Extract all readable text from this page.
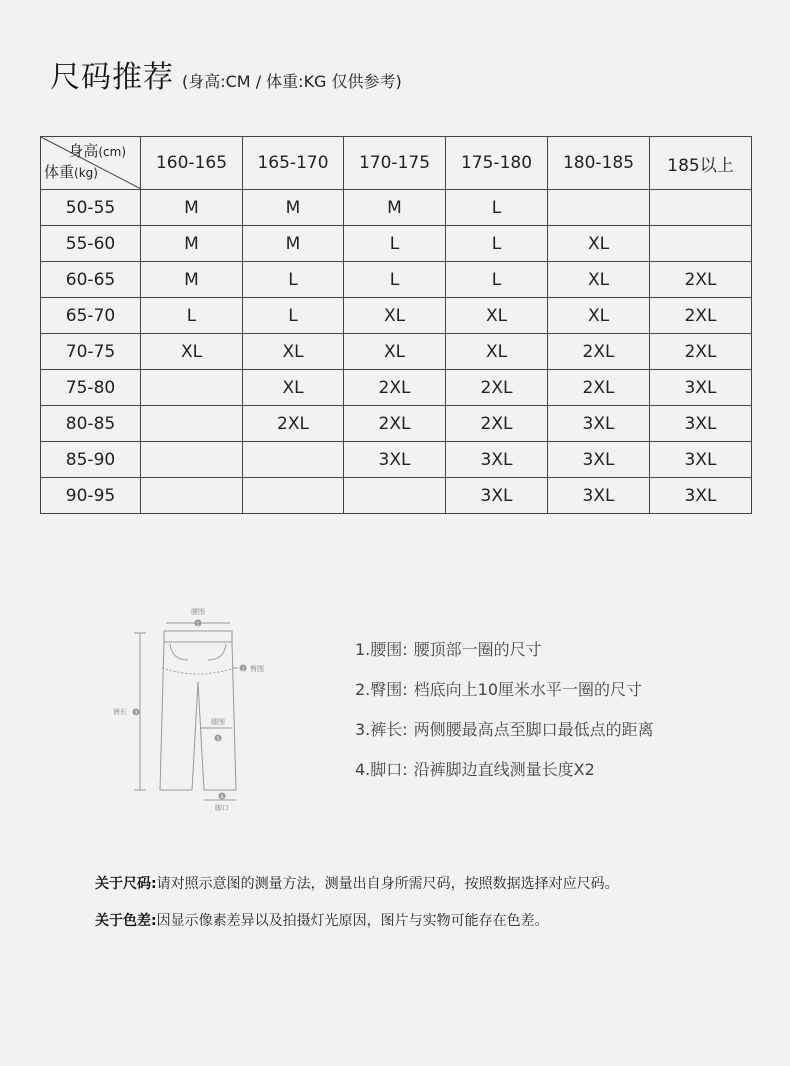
尺码推荐 (身高:CM / 体重:KG 仅供参考)
身高(cm)
体重(kg)	160-165	165-170	170-175	175-180	180-185	185以上
50-55	M	M	M	L		
55-60	M	M	L	L	XL	
60-65	M	L	L	L	XL	2XL
65-70	L	L	XL	XL	XL	2XL
70-75	XL	XL	XL	XL	2XL	2XL
75-80		XL	2XL	2XL	2XL	3XL
80-85		2XL	2XL	2XL	3XL	3XL
85-90			3XL	3XL	3XL	3XL
90-95				3XL	3XL	3XL
腰围
1
2 臀围
裤长 3
腿围
5
4
脚口
1.腰围: 腰顶部一圈的尺寸
2.臀围: 档底向上10厘米水平一圈的尺寸
3.裤长: 两侧腰最高点至脚口最低点的距离
4.脚口: 沿裤脚边直线测量长度X2
关于尺码:请对照示意图的测量方法，测量出自身所需尺码，按照数据选择对应尺码。
关于色差:因显示像素差异以及拍摄灯光原因，图片与实物可能存在色差。
